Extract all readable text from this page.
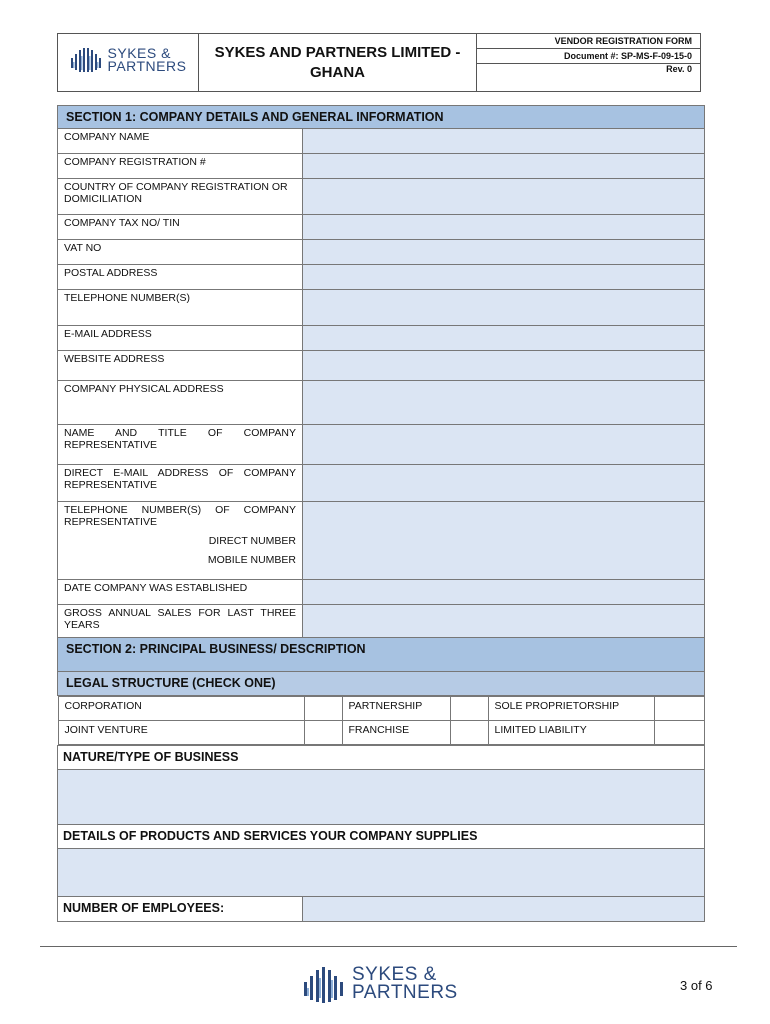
SYKES &
PARTNERS
	SYKES AND PARTNERS LIMITED - GHANA	VENDOR REGISTRATION FORM
Document #: SP-MS-F-09-15-0
Rev. 0
SECTION 1: COMPANY DETAILS AND GENERAL INFORMATION
COMPANY NAME	
COMPANY REGISTRATION #	
COUNTRY OF COMPANY REGISTRATION OR DOMICILIATION	
COMPANY TAX NO/ TIN	
VAT NO	
POSTAL ADDRESS	
TELEPHONE NUMBER(S)	
E-MAIL ADDRESS	
WEBSITE ADDRESS	
COMPANY PHYSICAL ADDRESS	
NAME AND TITLE OF COMPANY REPRESENTATIVE	
DIRECT E-MAIL ADDRESS OF COMPANY REPRESENTATIVE	

TELEPHONE NUMBER(S) OF COMPANY REPRESENTATIVE
DIRECT NUMBER
MOBILE NUMBER

DATE COMPANY WAS ESTABLISHED	
GROSS ANNUAL SALES FOR LAST THREE YEARS	
SECTION 2: PRINCIPAL BUSINESS/ DESCRIPTION
LEGAL STRUCTURE (CHECK ONE)

CORPORATION		PARTNERSHIP		SOLE PROPRIETORSHIP	
JOINT VENTURE		FRANCHISE		LIMITED LIABILITY	

NATURE/TYPE OF BUSINESS

DETAILS OF PRODUCTS AND SERVICES YOUR COMPANY SUPPLIES

NUMBER OF EMPLOYEES:	
SYKES &
PARTNERS	3 of 6
